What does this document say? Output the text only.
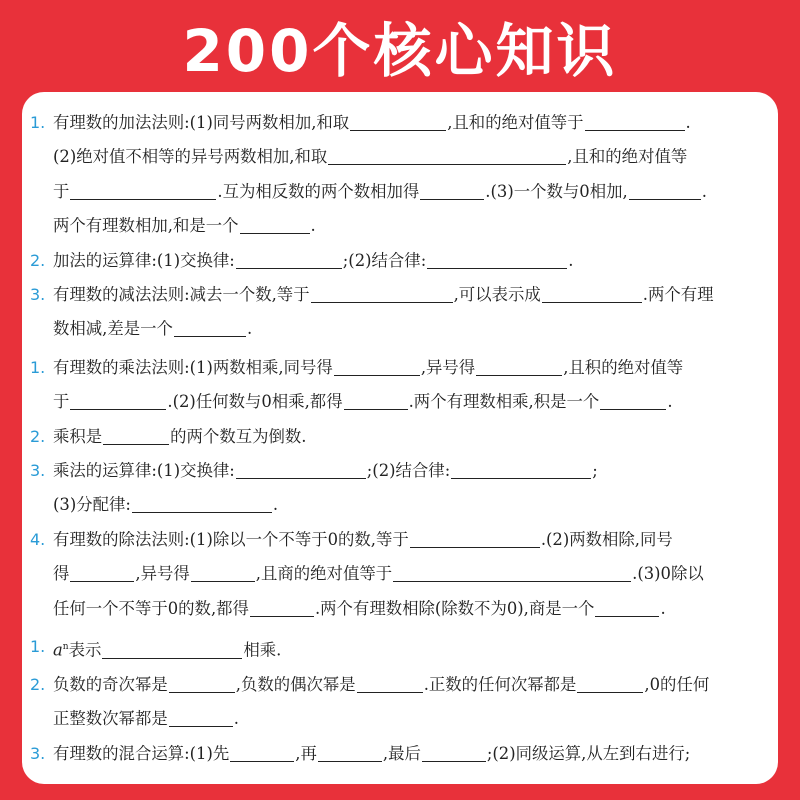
200个核心知识
1. 有理数的加法法则:(1)同号两数相加,和取	,且和的绝对值等于	.
(2)绝对值不相等的异号两数相加,和取	,且和的绝对值等
于	.互为相反数的两个数相加得	.(3)一个数与0相加,	.
两个有理数相加,和是一个	.
2. 加法的运算律:(1)交换律:	;(2)结合律:	.
3. 有理数的减法法则:减去一个数,等于	,可以表示成	.两个有理
数相减,差是一个	.
1. 有理数的乘法法则:(1)两数相乘,同号得	,异号得	,且积的绝对值等
于	.(2)任何数与0相乘,都得	.两个有理数相乘,积是一个	.
2. 乘积是	的两个数互为倒数.
3. 乘法的运算律:(1)交换律:	;(2)结合律:	;
(3)分配律:	.
4. 有理数的除法法则:(1)除以一个不等于0的数,等于	.(2)两数相除,同号
得	,异号得	,且商的绝对值等于	.(3)0除以
任何一个不等于0的数,都得	.两个有理数相除(除数不为0),商是一个	.
1. $a^n$表示	相乘.
2. 负数的奇次幂是	,负数的偶次幂是	.正数的任何次幂都是	,0的任何
正整数次幂都是	.
3. 有理数的混合运算:(1)先	,再	,最后	;(2)同级运算,从左到右进行;
